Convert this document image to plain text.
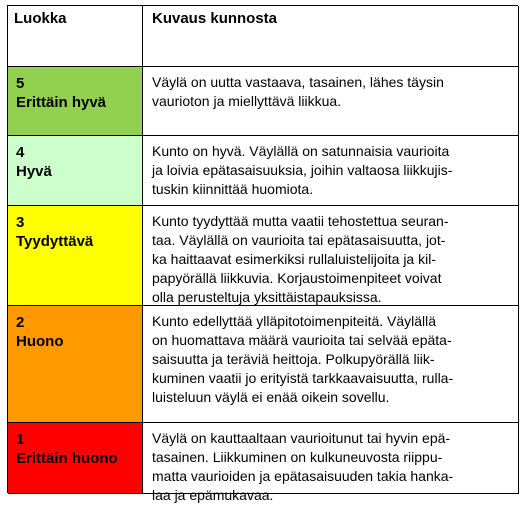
Luokka	Kuvaus kunnosta
5
Erittäin hyvä
Väylä on uutta vastaava, tasainen, lähes täysin
vaurioton ja miellyttävä liikkua.
4
Hyvä
Kunto on hyvä. Väylällä on satunnaisia vaurioita
ja loivia epätasaisuuksia, joihin valtaosa liikkujis-
tuskin kiinnittää huomiota.
3
Tyydyttävä
Kunto tyydyttää mutta vaatii tehostettua seuran-
taa. Väylällä on vaurioita tai epätasaisuutta, jot-
ka haittaavat esimerkiksi rullaluistelijoita ja kil-
papyörällä liikkuvia. Korjaustoimenpiteet voivat
olla perusteltuja yksittäistapauksissa.
2
Huono
Kunto edellyttää ylläpitotoimenpiteitä. Väylällä
on huomattava määrä vaurioita tai selvää epäta-
saisuutta ja teräviä heittoja. Polkupyörällä liik-
kuminen vaatii jo erityistä tarkkaavaisuutta, rulla-
luisteluun väylä ei enää oikein sovellu.
1
Erittäin huono
Väylä on kauttaaltaan vaurioitunut tai hyvin epä-
tasainen. Liikkuminen on kulkuneuvosta riippu-
matta vaurioiden ja epätasaisuuden takia hanka-
laa ja epämukavaa.
